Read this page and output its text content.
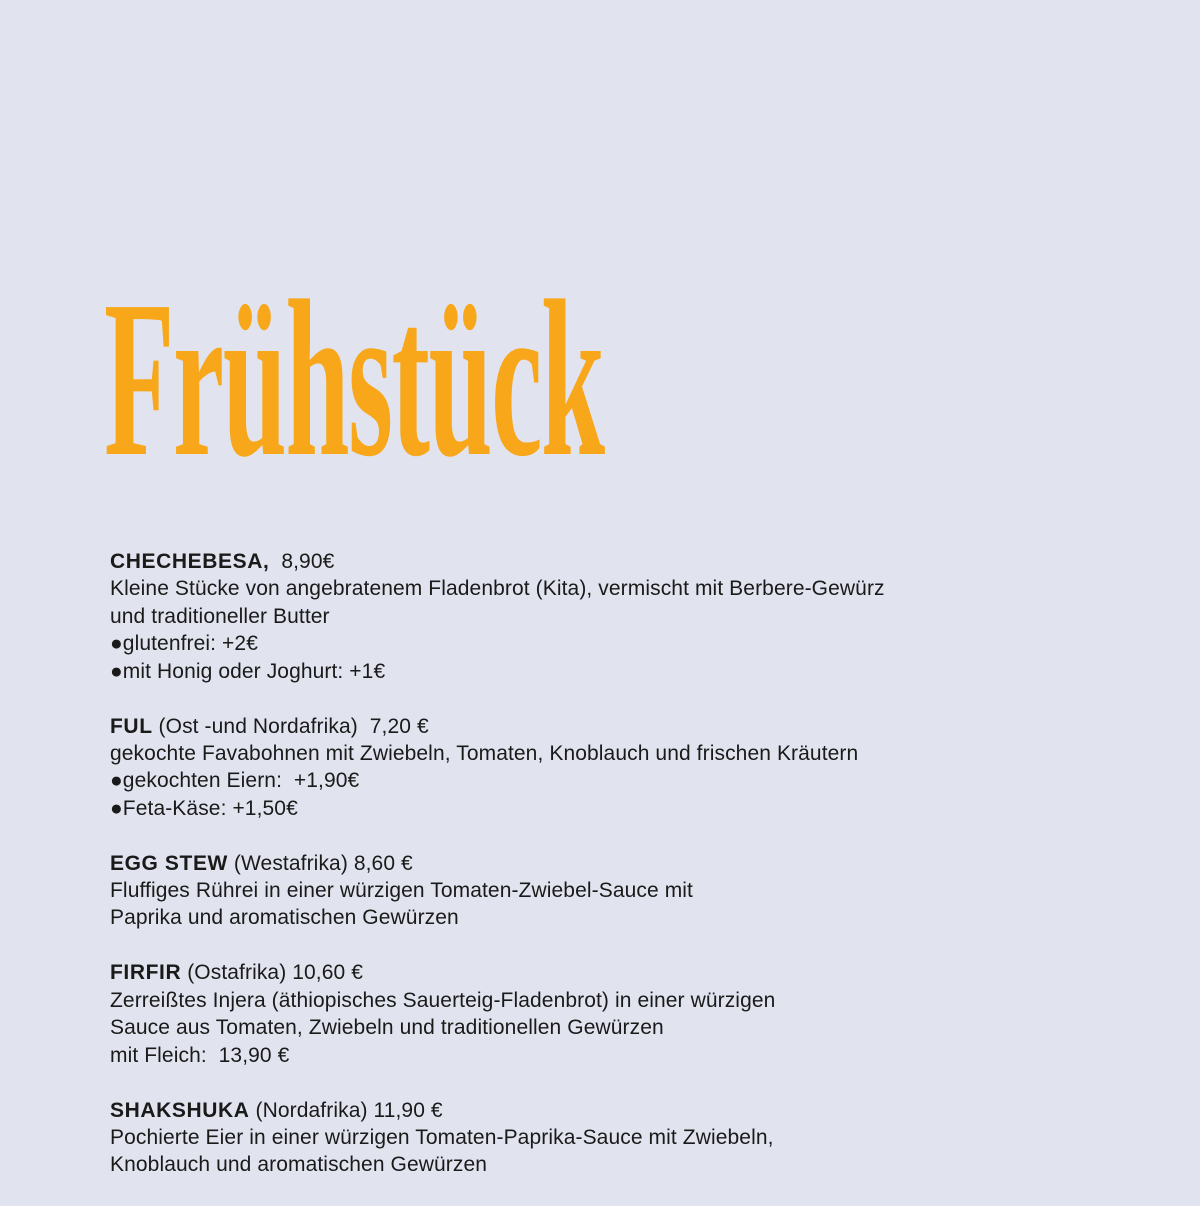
Frühstück
CHECHEBESA,  8,90€
Kleine Stücke von angebratenem Fladenbrot (Kita), vermischt mit Berbere-Gewürz
und traditioneller Butter
● glutenfrei: +2€
● mit Honig oder Joghurt: +1€
FUL (Ost -und Nordafrika)  7,20 €
gekochte Favabohnen mit Zwiebeln, Tomaten, Knoblauch und frischen Kräutern
● gekochten Eiern:  +1,90€
● Feta-Käse: +1,50€
EGG STEW (Westafrika) 8,60 €
Fluffiges Rührei in einer würzigen Tomaten-Zwiebel-Sauce mit
Paprika und aromatischen Gewürzen
FIRFIR (Ostafrika) 10,60 €
Zerreißtes Injera (äthiopisches Sauerteig-Fladenbrot) in einer würzigen
Sauce aus Tomaten, Zwiebeln und traditionellen Gewürzen
mit Fleich:  13,90 €
SHAKSHUKA (Nordafrika) 11,90 €
Pochierte Eier in einer würzigen Tomaten-Paprika-Sauce mit Zwiebeln,
Knoblauch und aromatischen Gewürzen
